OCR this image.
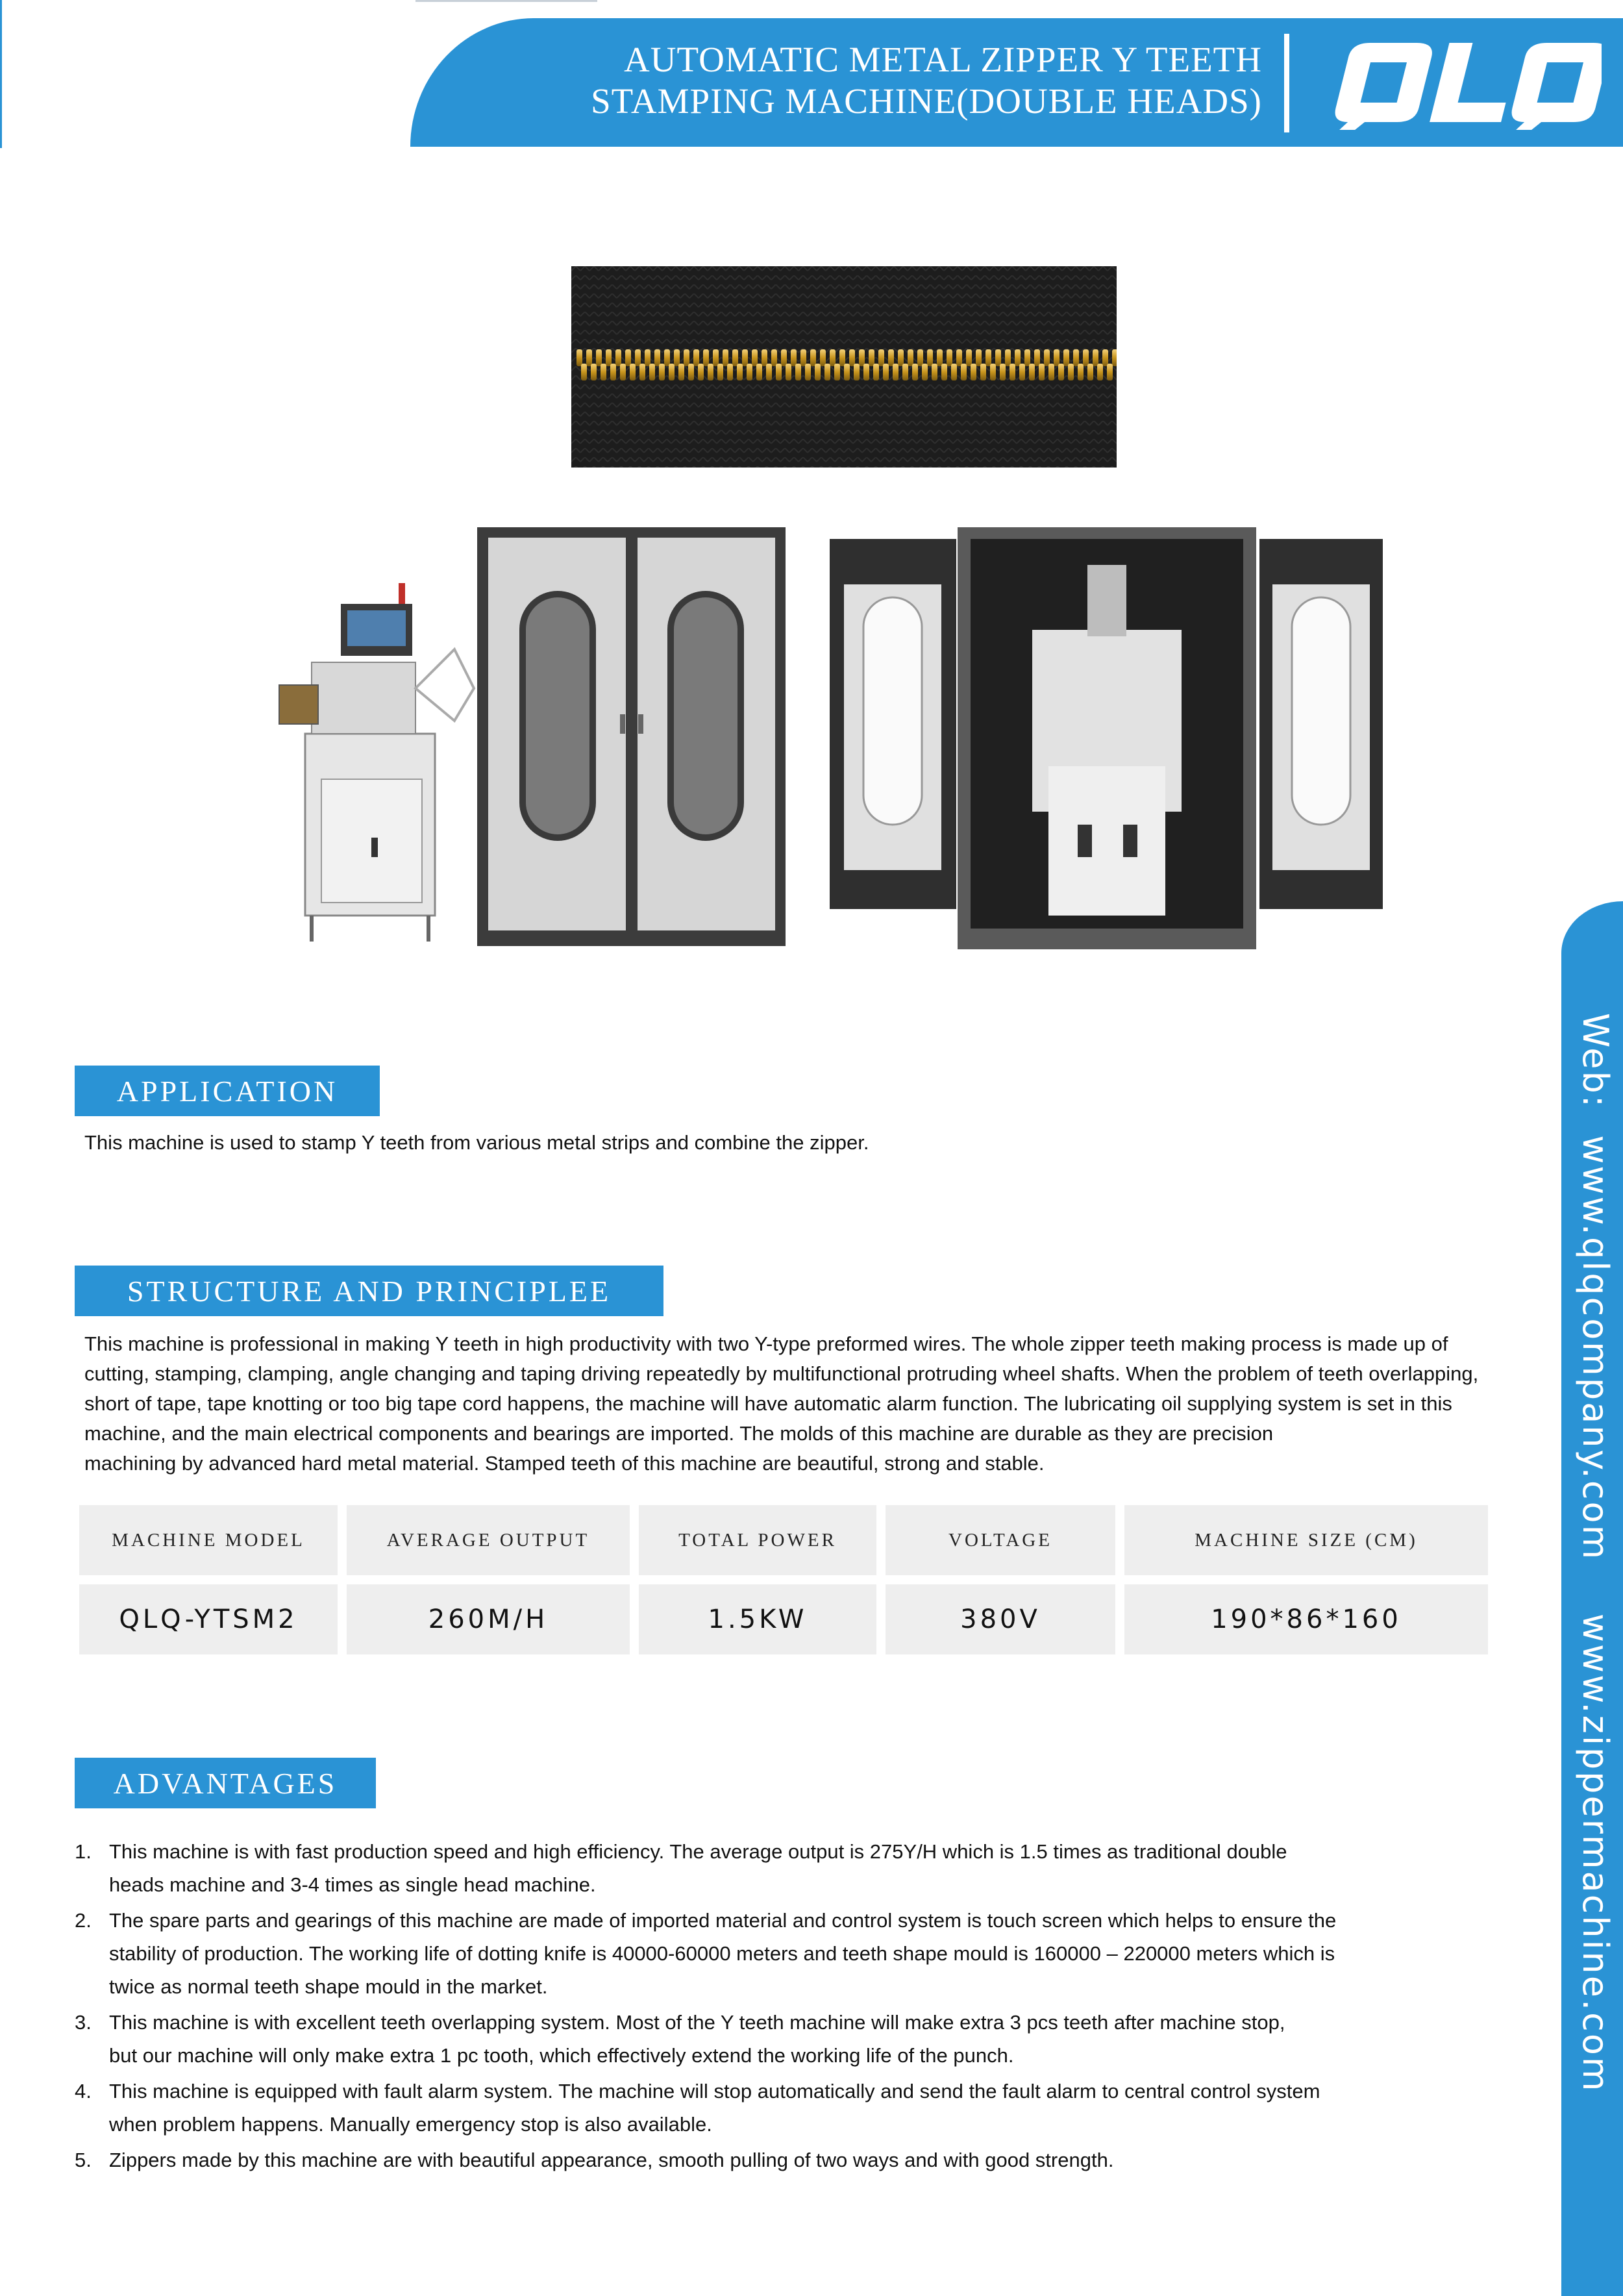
AUTOMATIC METAL ZIPPER Y TEETH
STAMPING MACHINE(DOUBLE HEADS)
Web:  www.qlqcompany.com    www.zippermachine.com
APPLICATION
This machine is used to stamp Y teeth from various metal strips and combine the zipper.
STRUCTURE AND PRINCIPLEE
This machine is professional in making Y teeth in high productivity with two Y-type preformed wires. The whole zipper teeth making process is made up of
cutting, stamping, clamping, angle changing and taping driving repeatedly by multifunctional protruding wheel shafts. When the problem of teeth overlapping,
short of tape, tape knotting or too big tape cord happens, the machine will have automatic alarm function. The lubricating oil supplying system is set in this
machine, and the main electrical components and bearings are imported. The molds of this machine are durable as they are precision
machining by advanced hard metal material. Stamped teeth of this machine are beautiful, strong and stable.
MACHINE MODEL	AVERAGE OUTPUT	TOTAL POWER	VOLTAGE	MACHINE SIZE (CM)
QLQ-YTSM2	260M/H	1.5KW	380V	190*86*160
ADVANTAGES
1. This machine is with fast production speed and high efficiency. The average output is 275Y/H which is 1.5 times as traditional double
heads machine and 3-4 times as single head machine.
2. The spare parts and gearings of this machine are made of imported material and control system is touch screen which helps to ensure the
stability of production. The working life of dotting knife is 40000-60000 meters and teeth shape mould is 160000 – 220000 meters which is
twice as normal teeth shape mould in the market.
3. This machine is with excellent teeth overlapping system. Most of the Y teeth machine will make extra 3 pcs teeth after machine stop,
but our machine will only make extra 1 pc tooth, which effectively extend the working life of the punch.
4. This machine is equipped with fault alarm system. The machine will stop automatically and send the fault alarm to central control system
when problem happens. Manually emergency stop is also available.
5. Zippers made by this machine are with beautiful appearance, smooth pulling of two ways and with good strength.
